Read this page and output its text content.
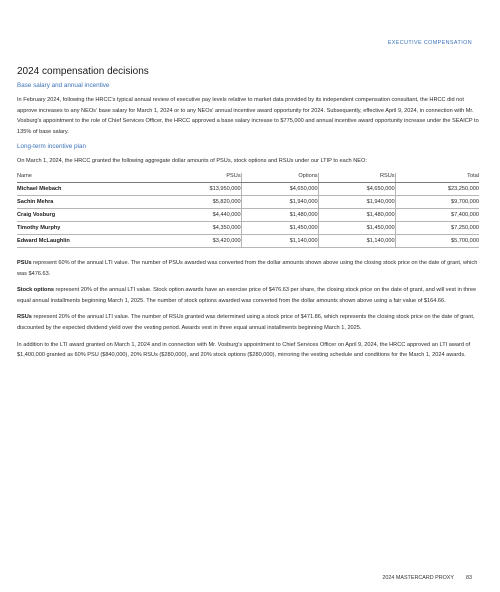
EXECUTIVE COMPENSATION
2024 compensation decisions
Base salary and annual incentive

In February 2024, following the HRCC's typical annual review of executive pay levels relative to market data provided by its independent compensation consultant, the HRCC did not approve increases to any NEOs' base salary for March 1, 2024 or to any NEOs' annual incentive award opportunity for 2024. Subsequently, effective April 9, 2024, in connection with Mr. Vosburg's appointment to the role of Chief Services Officer, the HRCC approved a base salary increase to $775,000 and annual incentive award opportunity increase under the SEAICP to 135% of base salary.

Long-term incentive plan

On March 1, 2024, the HRCC granted the following aggregate dollar amounts of PSUs, stock options and RSUs under our LTIP to each NEO:

Name	PSUs	Options	RSUs	Total
Michael Miebach	$13,950,000	$4,650,000	$4,650,000	$23,250,000
Sachin Mehra	$5,820,000	$1,940,000	$1,940,000	$9,700,000
Craig Vosburg	$4,440,000	$1,480,000	$1,480,000	$7,400,000
Timothy Murphy	$4,350,000	$1,450,000	$1,450,000	$7,250,000
Edward McLaughlin	$3,420,000	$1,140,000	$1,140,000	$5,700,000

PSUs represent 60% of the annual LTI value. The number of PSUs awarded was converted from the dollar amounts shown above using the closing stock price on the date of grant, which was $476.63.

Stock options represent 20% of the annual LTI value. Stock option awards have an exercise price of $476.63 per share, the closing stock price on the date of grant, and will vest in three equal annual installments beginning March 1, 2025. The number of stock options awarded was converted from the dollar amounts shown above using a fair value of $164.66.

RSUs represent 20% of the annual LTI value. The number of RSUs granted was determined using a stock price of $471.86, which represents the closing stock price on the date of grant, discounted by the expected dividend yield over the vesting period. Awards vest in three equal annual installments beginning March 1, 2025.

In addition to the LTI award granted on March 1, 2024 and in connection with Mr. Vosburg's appointment to Chief Services Officer on April 9, 2024, the HRCC approved an LTI award of $1,400,000 granted as 60% PSU ($840,000), 20% RSUs ($280,000), and 20% stock options ($280,000), mirroring the vesting schedule and conditions for the March 1, 2024 awards.

2024 MASTERCARD PROXY 83
